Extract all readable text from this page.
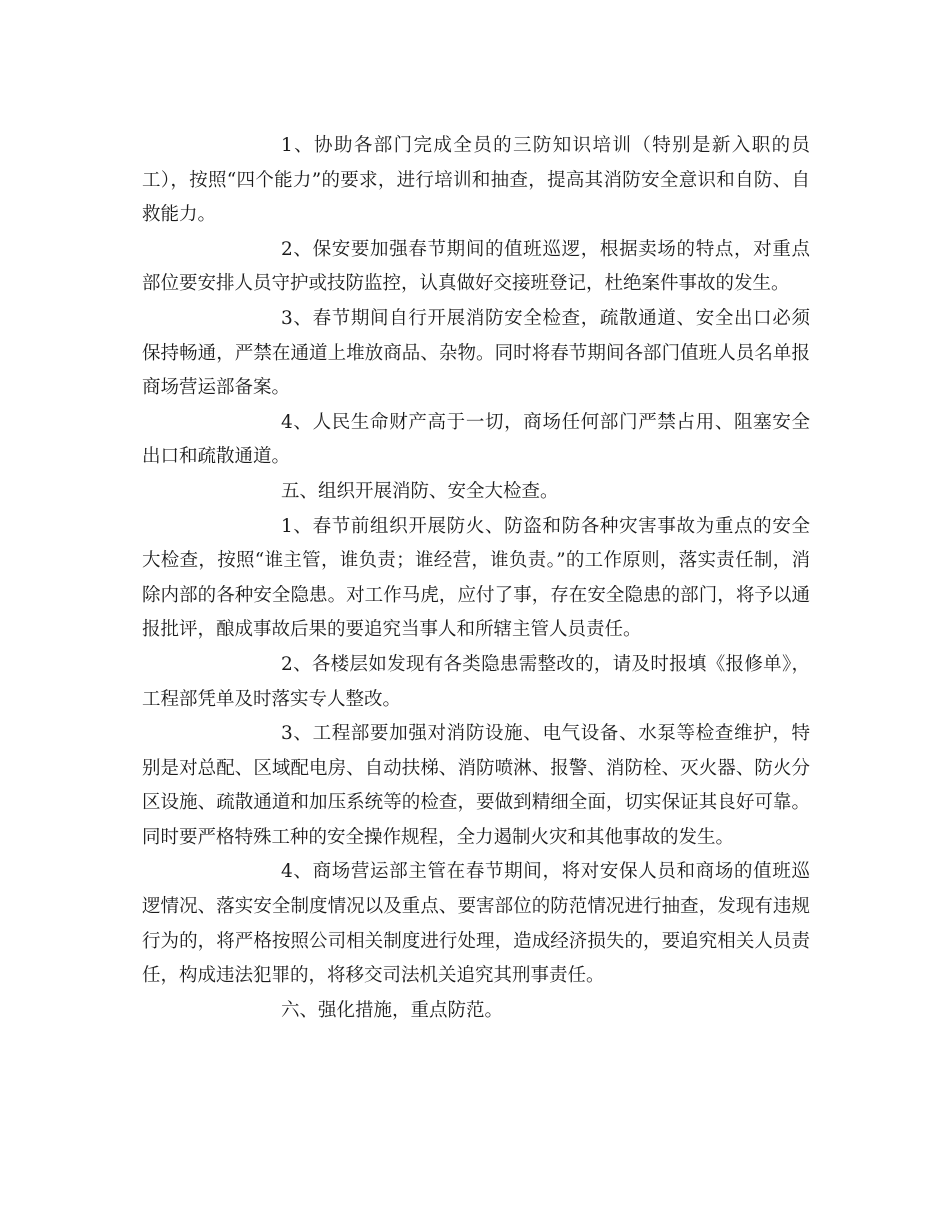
1、协助各部门完成全员的三防知识培训（特别是新入职的员工），按照“四个能力”的要求，进行培训和抽查，提高其消防安全意识和自防、自救能力。

2、保安要加强春节期间的值班巡逻，根据卖场的特点，对重点部位要安排人员守护或技防监控，认真做好交接班登记，杜绝案件事故的发生。

3、春节期间自行开展消防安全检查，疏散通道、安全出口必须保持畅通，严禁在通道上堆放商品、杂物。同时将春节期间各部门值班人员名单报商场营运部备案。

4、人民生命财产高于一切，商场任何部门严禁占用、阻塞安全出口和疏散通道。

五、组织开展消防、安全大检查。

1、春节前组织开展防火、防盗和防各种灾害事故为重点的安全大检查，按照“谁主管，谁负责；谁经营，谁负责。”的工作原则，落实责任制，消除内部的各种安全隐患。对工作马虎，应付了事，存在安全隐患的部门，将予以通报批评，酿成事故后果的要追究当事人和所辖主管人员责任。

2、各楼层如发现有各类隐患需整改的，请及时报填《报修单》，工程部凭单及时落实专人整改。

3、工程部要加强对消防设施、电气设备、水泵等检查维护，特别是对总配、区域配电房、自动扶梯、消防喷淋、报警、消防栓、灭火器、防火分区设施、疏散通道和加压系统等的检查，要做到精细全面，切实保证其良好可靠。同时要严格特殊工种的安全操作规程，全力遏制火灾和其他事故的发生。

4、商场营运部主管在春节期间，将对安保人员和商场的值班巡逻情况、落实安全制度情况以及重点、要害部位的防范情况进行抽查，发现有违规行为的，将严格按照公司相关制度进行处理，造成经济损失的，要追究相关人员责任，构成违法犯罪的，将移交司法机关追究其刑事责任。

六、强化措施，重点防范。
